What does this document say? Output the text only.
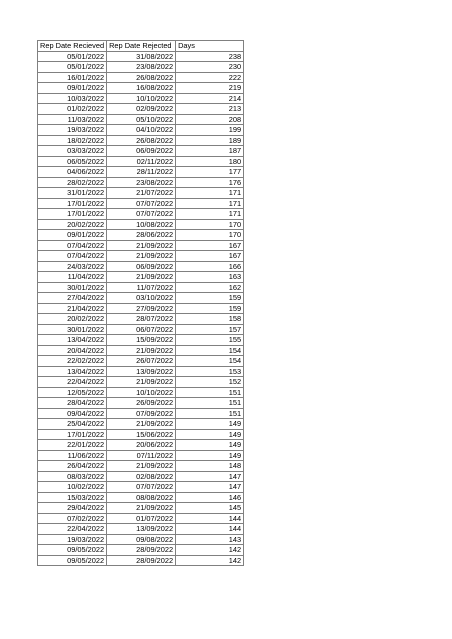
Rep Date Recieved	Rep Date Rejected	Days
05/01/2022	31/08/2022	238
05/01/2022	23/08/2022	230
16/01/2022	26/08/2022	222
09/01/2022	16/08/2022	219
10/03/2022	10/10/2022	214
01/02/2022	02/09/2022	213
11/03/2022	05/10/2022	208
19/03/2022	04/10/2022	199
18/02/2022	26/08/2022	189
03/03/2022	06/09/2022	187
06/05/2022	02/11/2022	180
04/06/2022	28/11/2022	177
28/02/2022	23/08/2022	176
31/01/2022	21/07/2022	171
17/01/2022	07/07/2022	171
17/01/2022	07/07/2022	171
20/02/2022	10/08/2022	170
09/01/2022	28/06/2022	170
07/04/2022	21/09/2022	167
07/04/2022	21/09/2022	167
24/03/2022	06/09/2022	166
11/04/2022	21/09/2022	163
30/01/2022	11/07/2022	162
27/04/2022	03/10/2022	159
21/04/2022	27/09/2022	159
20/02/2022	28/07/2022	158
30/01/2022	06/07/2022	157
13/04/2022	15/09/2022	155
20/04/2022	21/09/2022	154
22/02/2022	26/07/2022	154
13/04/2022	13/09/2022	153
22/04/2022	21/09/2022	152
12/05/2022	10/10/2022	151
28/04/2022	26/09/2022	151
09/04/2022	07/09/2022	151
25/04/2022	21/09/2022	149
17/01/2022	15/06/2022	149
22/01/2022	20/06/2022	149
11/06/2022	07/11/2022	149
26/04/2022	21/09/2022	148
08/03/2022	02/08/2022	147
10/02/2022	07/07/2022	147
15/03/2022	08/08/2022	146
29/04/2022	21/09/2022	145
07/02/2022	01/07/2022	144
22/04/2022	13/09/2022	144
19/03/2022	09/08/2022	143
09/05/2022	28/09/2022	142
09/05/2022	28/09/2022	142
